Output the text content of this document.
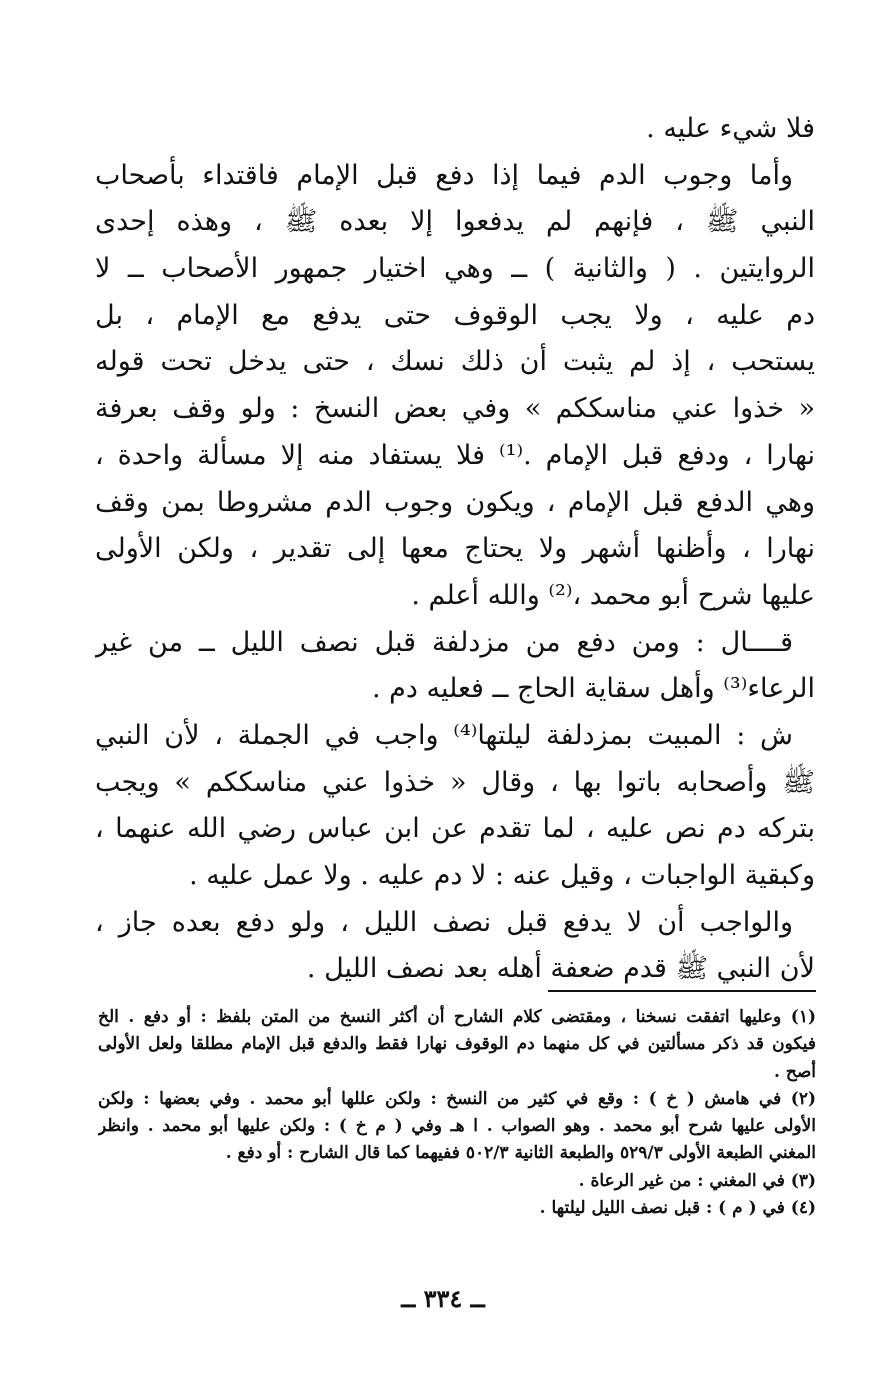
فلا شيء عليه .
وأما وجوب الدم فيما إذا دفع قبل الإمام فاقتداء بأصحاب
النبي ﷺ ، فإنهم لم يدفعوا إلا بعده ﷺ ، وهذه إحدى
الروايتين . ( والثانية ) ــ وهي اختيار جمهور الأصحاب ــ لا
دم عليه ، ولا يجب الوقوف حتى يدفع مع الإمام ، بل
يستحب ، إذ لم يثبت أن ذلك نسك ، حتى يدخل تحت قوله
« خذوا عني مناسككم » وفي بعض النسخ : ولو وقف بعرفة
نهارا ، ودفع قبل الإمام .⁽¹⁾ فلا يستفاد منه إلا مسألة واحدة ،
وهي الدفع قبل الإمام ، ويكون وجوب الدم مشروطا بمن وقف
نهارا ، وأظنها أشهر ولا يحتاج معها إلى تقدير ، ولكن الأولى
عليها شرح أبو محمد ،⁽²⁾ والله أعلم .
قــــال : ومن دفع من مزدلفة قبل نصف الليل ــ من غير
الرعاء⁽³⁾ وأهل سقاية الحاج ــ فعليه دم .
ش : المبيت بمزدلفة ليلتها⁽⁴⁾ واجب في الجملة ، لأن النبي
ﷺ وأصحابه باتوا بها ، وقال « خذوا عني مناسككم » ويجب
بتركه دم نص عليه ، لما تقدم عن ابن عباس رضي الله عنهما ،
وكبقية الواجبات ، وقيل عنه : لا دم عليه . ولا عمل عليه .
والواجب أن لا يدفع قبل نصف الليل ، ولو دفع بعده جاز ،
لأن النبي ﷺ قدم ضعفة أهله بعد نصف الليل .
(١) وعليها اتفقت نسخنا ، ومقتضى كلام الشارح أن أكثر النسخ من المتن بلفظ : أو دفع . الخ
فيكون قد ذكر مسألتين في كل منهما دم الوقوف نهارا فقط والدفع قبل الإمام مطلقا ولعل الأولى
أصح .
(٢) في هامش ( خ ) : وقع في كثير من النسخ : ولكن عللها أبو محمد . وفي بعضها : ولكن
الأولى عليها شرح أبو محمد . وهو الصواب . ا هـ وفي ( م خ ) : ولكن عليها أبو محمد . وانظر
المغني الطبعة الأولى ٥٢٩/٣ والطبعة الثانية ٥٠٢/٣ ففيهما كما قال الشارح : أو دفع .
(٣) في المغني : من غير الرعاة .
(٤) في ( م ) : قبل نصف الليل ليلتها .
ــ ٣٣٤ ــ
